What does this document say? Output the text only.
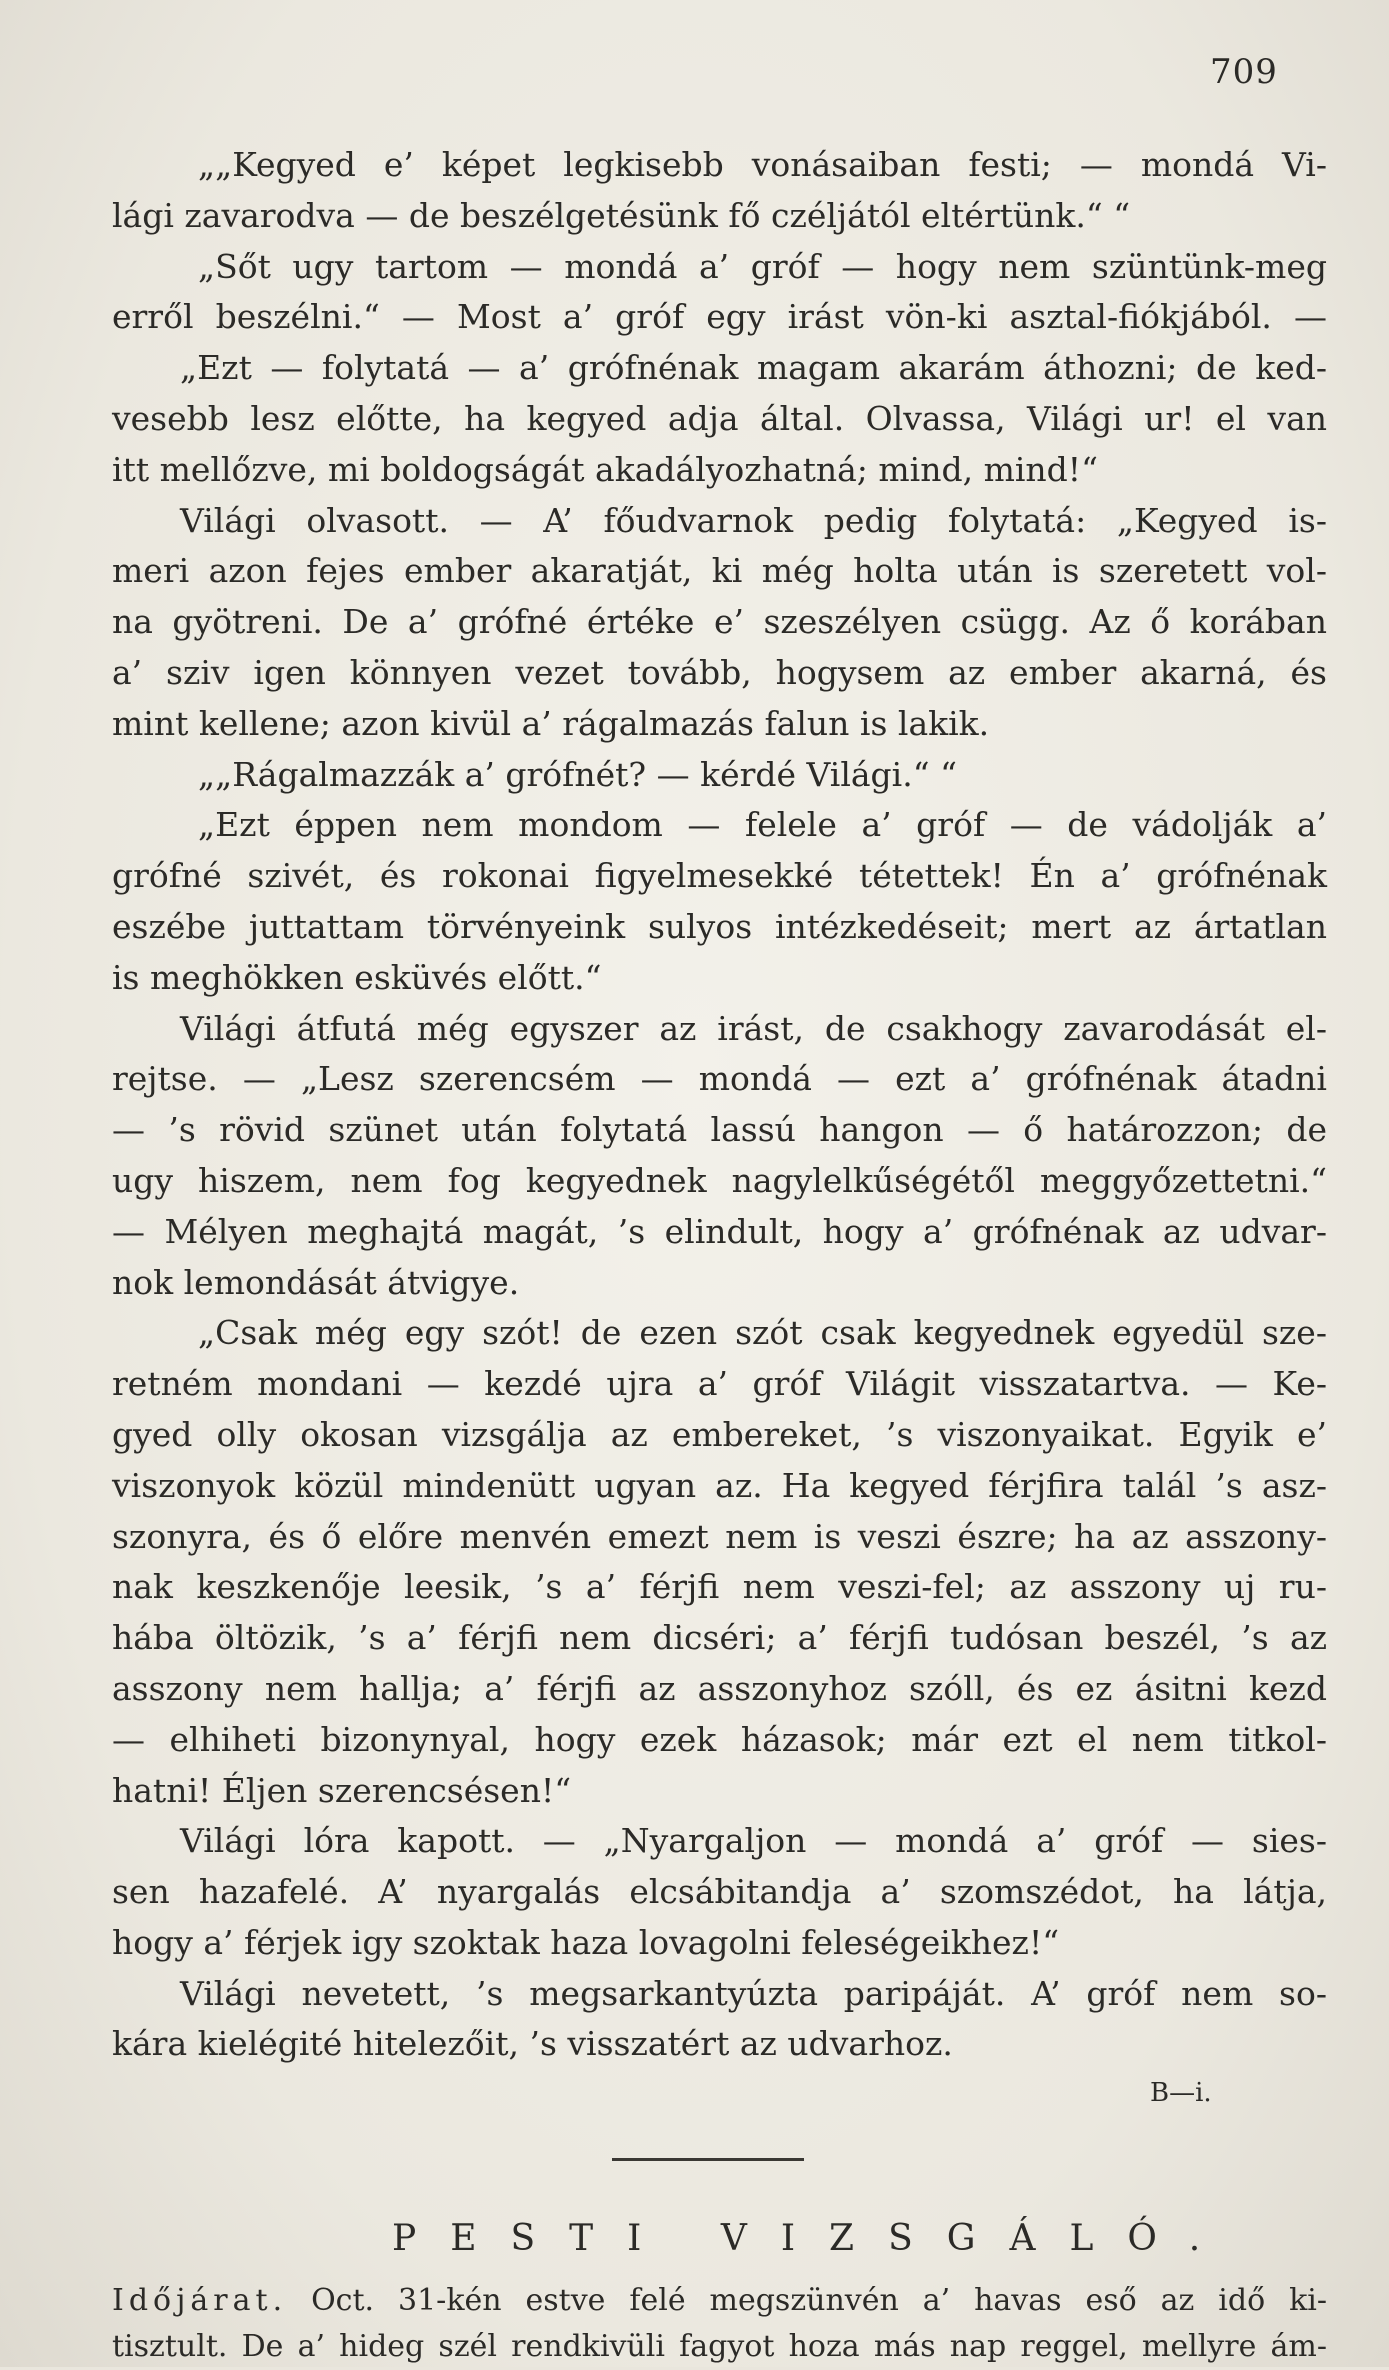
709
„„Kegyed e’ képet legkisebb vonásaiban festi; — mondá Vi-
lági zavarodva — de beszélgetésünk fő czéljától eltértünk.“ “
„Sőt ugy tartom — mondá a’ gróf — hogy nem szüntünk-meg
erről beszélni.“ — Most a’ gróf egy irást vön-ki asztal-fiókjából. —
„Ezt — folytatá — a’ grófnénak magam akarám áthozni; de ked-
vesebb lesz előtte, ha kegyed adja által. Olvassa, Világi ur! el van
itt mellőzve, mi boldogságát akadályozhatná; mind, mind!“
Világi olvasott. — A’ főudvarnok pedig folytatá: „Kegyed is-
meri azon fejes ember akaratját, ki még holta után is szeretett vol-
na gyötreni. De a’ grófné értéke e’ szeszélyen csügg. Az ő korában
a’ sziv igen könnyen vezet tovább, hogysem az ember akarná, és
mint kellene; azon kivül a’ rágalmazás falun is lakik.
„„Rágalmazzák a’ grófnét? — kérdé Világi.“ “
„Ezt éppen nem mondom — felele a’ gróf — de vádolják a’
grófné szivét, és rokonai figyelmesekké tétettek! Én a’ grófnénak
eszébe juttattam törvényeink sulyos intézkedéseit; mert az ártatlan
is meghökken esküvés előtt.“
Világi átfutá még egyszer az irást, de csakhogy zavarodását el-
rejtse. — „Lesz szerencsém — mondá — ezt a’ grófnénak átadni
— ’s rövid szünet után folytatá lassú hangon — ő határozzon; de
ugy hiszem, nem fog kegyednek nagylelkűségétől meggyőzettetni.“
— Mélyen meghajtá magát, ’s elindult, hogy a’ grófnénak az udvar-
nok lemondását átvigye.
„Csak még egy szót! de ezen szót csak kegyednek egyedül sze-
retném mondani — kezdé ujra a’ gróf Világit visszatartva. — Ke-
gyed olly okosan vizsgálja az embereket, ’s viszonyaikat. Egyik e’
viszonyok közül mindenütt ugyan az. Ha kegyed férjfira talál ’s asz-
szonyra, és ő előre menvén emezt nem is veszi észre; ha az asszony-
nak keszkenője leesik, ’s a’ férjfi nem veszi-fel; az asszony uj ru-
hába öltözik, ’s a’ férjfi nem dicséri; a’ férjfi tudósan beszél, ’s az
asszony nem hallja; a’ férjfi az asszonyhoz szóll, és ez ásitni kezd
— elhiheti bizonynyal, hogy ezek házasok; már ezt el nem titkol-
hatni! Éljen szerencsésen!“
Világi lóra kapott. — „Nyargaljon — mondá a’ gróf — sies-
sen hazafelé. A’ nyargalás elcsábitandja a’ szomszédot, ha látja,
hogy a’ férjek igy szoktak haza lovagolni feleségeikhez!“
Világi nevetett, ’s megsarkantyúzta paripáját. A’ gróf nem so-
kára kielégité hitelezőit, ’s visszatért az udvarhoz.
B—i.
PESTI VIZSGÁLÓ.
Időjárat. Oct. 31-kén estve felé megszünvén a’ havas eső az idő ki-
tisztult. De a’ hideg szél rendkivüli fagyot hoza más nap reggel, mellyre ám-
